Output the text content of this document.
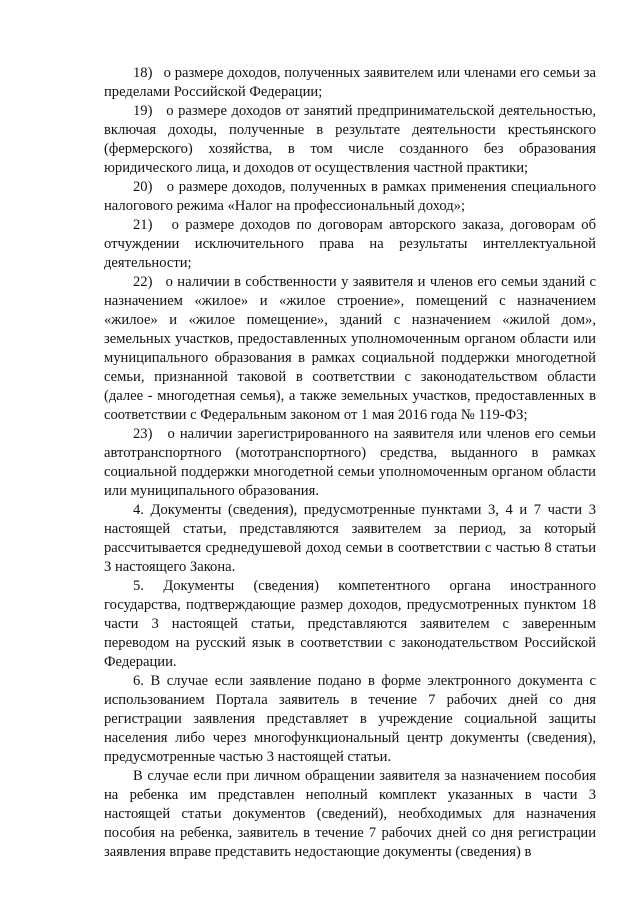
18) о размере доходов, полученных заявителем или членами его семьи за пределами Российской Федерации;

19) о размере доходов от занятий предпринимательской деятельностью, включая доходы, полученные в результате деятельности крестьянского (фермерского) хозяйства, в том числе созданного без образования юридического лица, и доходов от осуществления частной практики;

20) о размере доходов, полученных в рамках применения специального налогового режима «Налог на профессиональный доход»;

21) о размере доходов по договорам авторского заказа, договорам об отчуждении исключительного права на результаты интеллектуальной деятельности;

22) о наличии в собственности у заявителя и членов его семьи зданий с назначением «жилое» и «жилое строение», помещений с назначением «жилое» и «жилое помещение», зданий с назначением «жилой дом», земельных участков, предоставленных уполномоченным органом области или муниципального образования в рамках социальной поддержки многодетной семьи, признанной таковой в соответствии с законодательством области (далее - многодетная семья), а также земельных участков, предоставленных в соответствии с Федеральным законом от 1 мая 2016 года № 119-ФЗ;

23) о наличии зарегистрированного на заявителя или членов его семьи автотранспортного (мототранспортного) средства, выданного в рамках социальной поддержки многодетной семьи уполномоченным органом области или муниципального образования.

4. Документы (сведения), предусмотренные пунктами 3, 4 и 7 части 3 настоящей статьи, представляются заявителем за период, за который рассчитывается среднедушевой доход семьи в соответствии с частью 8 статьи 3 настоящего Закона.

5. Документы (сведения) компетентного органа иностранного государства, подтверждающие размер доходов, предусмотренных пунктом 18 части 3 настоящей статьи, представляются заявителем с заверенным переводом на русский язык в соответствии с законодательством Российской Федерации.

6. В случае если заявление подано в форме электронного документа с использованием Портала заявитель в течение 7 рабочих дней со дня регистрации заявления представляет в учреждение социальной защиты населения либо через многофункциональный центр документы (сведения), предусмотренные частью 3 настоящей статьи.

В случае если при личном обращении заявителя за назначением пособия на ребенка им представлен неполный комплект указанных в части 3 настоящей статьи документов (сведений), необходимых для назначения пособия на ребенка, заявитель в течение 7 рабочих дней со дня регистрации заявления вправе представить недостающие документы (сведения) в
